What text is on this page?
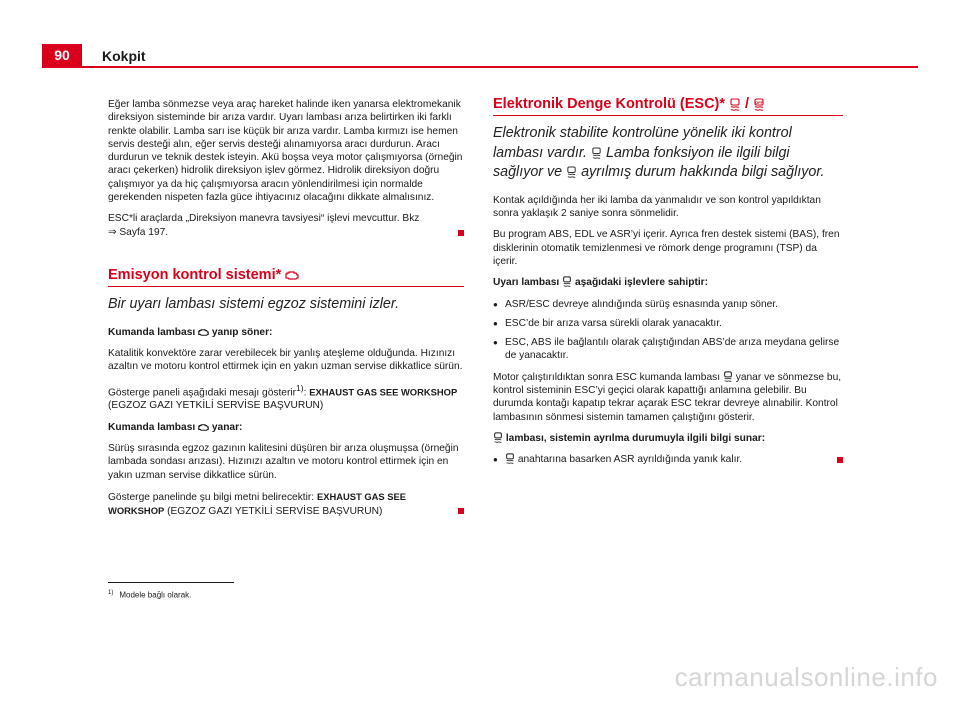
90	Kokpit

Eğer lamba sönmezse veya araç hareket halinde iken yanarsa elektromekanik direksiyon sisteminde bir arıza vardır. Uyarı lambası arıza belirtirken iki farklı renkte olabilir. Lamba sarı ise küçük bir arıza vardır. Lamba kırmızı ise hemen servis desteği alın, eğer servis desteği alınamıyorsa aracı durdurun. Aracı durdurun ve teknik destek isteyin. Akü boşsa veya motor çalışmıyorsa (örneğin aracı çekerken) hidrolik direksiyon işlev görmez. Hidrolik direksiyon doğru çalışmıyor ya da hiç çalışmıyorsa aracın yönlendirilmesi için normalde gerekenden nispeten fazla güce ihtiyacınız olacağını dikkate almalısınız.

ESC*li araçlarda „Direksiyon manevra tavsiyesi“ işlevi mevcuttur. Bkz
⇒ Sayfa 197.

Emisyon kontrol sistemi*
Bir uyarı lambası sistemi egzoz sistemini izler.

Kumanda lambası yanıp söner:

Katalitik konvektöre zarar verebilecek bir yanlış ateşleme olduğunda. Hızınızı azaltın ve motoru kontrol ettirmek için en yakın uzman servise dikkatlice sürün.

Gösterge paneli aşağıdaki mesajı gösterir$^{1)}$: EXHAUST GAS SEE WORKSHOP (EGZOZ GAZI YETKİLİ SERVİSE BAŞVURUN)

Kumanda lambası yanar:

Sürüş sırasında egzoz gazının kalitesini düşüren bir arıza oluşmuşsa (örneğin lambada sondası arızası). Hızınızı azaltın ve motoru kontrol ettirmek için en yakın uzman servise dikkatlice sürün.

Gösterge panelinde şu bilgi metni belirecektir: EXHAUST GAS SEE WORKSHOP (EGZOZ GAZI YETKİLİ SERVİSE BAŞVURUN)

Elektronik Denge Kontrolü (ESC)* / OFF
Elektronik stabilite kontrolüne yönelik iki kontrol lambası vardır. Lamba fonksiyon ile ilgili bilgi sağlıyor ve ayrılmış durum hakkında bilgi sağlıyor.

Kontak açıldığında her iki lamba da yanmalıdır ve son kontrol yapıldıktan sonra yaklaşık 2 saniye sonra sönmelidir.

Bu program ABS, EDL ve ASR’yi içerir. Ayrıca fren destek sistemi (BAS), fren disklerinin otomatik temizlenmesi ve römork denge programını (TSP) da içerir.

Uyarı lambası aşağıdaki işlevlere sahiptir:

● ASR/ESC devreye alındığında sürüş esnasında yanıp söner.
● ESC’de bir arıza varsa sürekli olarak yanacaktır.
● ESC, ABS ile bağlantılı olarak çalıştığından ABS’de arıza meydana gelirse de yanacaktır.

Motor çalıştırıldıktan sonra ESC kumanda lambası yanar ve sönmezse bu, kontrol sisteminin ESC’yi geçici olarak kapattığı anlamına gelebilir. Bu durumda kontağı kapatıp tekrar açarak ESC tekrar devreye alınabilir. Kontrol lambasının sönmesi sistemin tamamen çalıştığını gösterir.

lambası, sistemin ayrılma durumuyla ilgili bilgi sunar:

● anahtarına basarken ASR ayrıldığında yanık kalır.
$^{1)}$ Modele bağlı olarak.
carmanualsonline.info
